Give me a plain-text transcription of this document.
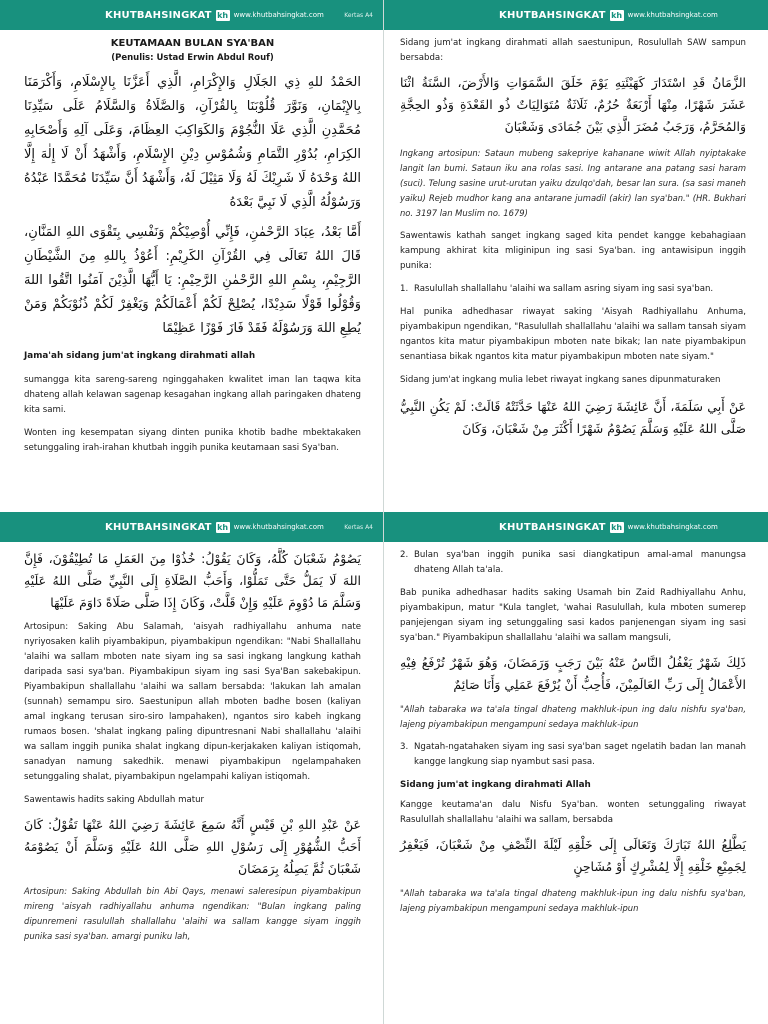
KHUTBAHSINGKAT kh www.khutbahsingkat.com	Kertas A4
KEUTAMAAN BULAN SYA'BAN
(Penulis: Ustad Erwin Abdul Rouf)
الحَمْدُ للهِ ذِي الجَلَالِ وَالإِكْرَامِ، الَّذِي أَعَزَّنَا بِالإِسْلَامِ، وَأَكْرَمَنَا بِالإِيْمَانِ، وَنَوَّرَ قُلُوْبَنَا بِالقُرْآنِ، وَالصَّلَاةُ وَالسَّلَامُ عَلَى سَيِّدِنَا مُحَمَّدِنِ الَّذِي عَلَا النُّجُوْمَ وَالكَوَاكِبَ العِظَامَ، وَعَلَى آلِهِ وَأَصْحَابِهِ الكِرَامِ، بُدُوْرِ التَّمَامِ وَشُمُوْسِ دِيْنِ الإِسْلَامِ، وَأَشْهَدُ أَنْ لَا إِلٰهَ إِلَّا اللهُ وَحْدَهُ لَا شَرِيْكَ لَهُ وَلَا مَثِيْلَ لَهُ، وَأَشْهَدُ أَنَّ سَيِّدَنَا مُحَمَّدًا عَبْدُهُ وَرَسُوْلُهُ الَّذِي لَا نَبِيَّ بَعْدَهُ
أَمَّا بَعْدُ، عِبَادَ الرَّحْمٰنِ، فَإِنِّي أُوْصِيْكُمْ وَنَفْسِي بِتَقْوَى اللهِ المَنَّانِ، قَالَ اللهُ تَعَالَى فِي القُرْآنِ الكَرِيْمِ: أَعُوْذُ بِاللهِ مِنَ الشَّيْطَانِ الرَّجِيْمِ، بِسْمِ اللهِ الرَّحْمٰنِ الرَّحِيْمِ: يَا أَيُّهَا الَّذِيْنَ آمَنُوا اتَّقُوا اللهَ وَقُوْلُوا قَوْلًا سَدِيْدًا، يُصْلِحْ لَكُمْ أَعْمَالَكُمْ وَيَغْفِرْ لَكُمْ ذُنُوْبَكُمْ وَمَنْ يُطِعِ اللهَ وَرَسُوْلَهُ فَقَدْ فَازَ فَوْزًا عَظِيْمًا
Jama'ah sidang jum'at ingkang dirahmati allah
sumangga kita sareng-sareng nginggahaken kwalitet iman lan taqwa kita dhateng allah kelawan sagenap kesagahan ingkang allah paringaken dhateng kita sami.
Wonten ing kesempatan siyang dinten punika khotib badhe mbektakaken setunggaling irah-irahan khutbah inggih punika keutamaan sasi Sya'ban.
KHUTBAHSINGKAT kh www.khutbahsingkat.com
Sidang jum'at ingkang dirahmati allah saestunipun, Rosulullah SAW sampun bersabda:
الزَّمَانُ قَدِ اسْتَدَارَ كَهَيْئَتِهِ يَوْمَ خَلَقَ السَّمَوَاتِ وَالأَرْضَ، السَّنَةُ اثْنَا عَشَرَ شَهْرًا، مِنْهَا أَرْبَعَةٌ حُرُمٌ، ثَلَاثَةٌ مُتَوَالِيَاتٌ ذُو القَعْدَةِ وَذُو الحِجَّةِ وَالمُحَرَّمُ، وَرَجَبُ مُضَرَ الَّذِي بَيْنَ جُمَادَى وَشَعْبَانَ
Ingkang artosipun: Sataun mubeng sakepriye kahanane wiwit Allah nyiptakake langit lan bumi. Sataun iku ana rolas sasi. Ing antarane ana patang sasi haram (suci). Telung sasine urut-urutan yaiku dzulqo'dah, besar lan sura. (sa sasi maneh yaiku) Rejeb mudhor kang ana antarane jumadil (akir) lan sya'ban." (HR. Bukhari no. 3197 lan Muslim no. 1679)
Sawentawis kathah sanget ingkang saged kita pendet kangge kebahagiaan kampung akhirat kita mliginipun ing sasi Sya'ban. ing antawisipun inggih punika:
1. Rasulullah shallallahu 'alaihi wa sallam asring siyam ing sasi sya'ban.
Hal punika adhedhasar riwayat saking 'Aisyah Radhiyallahu Anhuma, piyambakipun ngendikan, "Rasulullah shallallahu 'alaihi wa sallam tansah siyam ngantos kita matur piyambakipun mboten nate bikak; lan nate piyambakipun senantiasa bikak ngantos kita matur piyambakipun mboten nate siyam."
Sidang jum'at ingkang mulia lebet riwayat ingkang sanes dipunmaturaken
عَنْ أَبِي سَلَمَةَ، أَنَّ عَائِشَةَ رَضِيَ اللهُ عَنْهَا حَدَّثَتْهُ قَالَتْ: لَمْ يَكُنِ النَّبِيُّ صَلَّى اللهُ عَلَيْهِ وَسَلَّمَ يَصُوْمُ شَهْرًا أَكْثَرَ مِنْ شَعْبَانَ، وَكَانَ
KHUTBAHSINGKAT kh www.khutbahsingkat.com	Kertas A4
يَصُوْمُ شَعْبَانَ كُلَّهُ، وَكَانَ يَقُوْلُ: خُذُوْا مِنَ العَمَلِ مَا تُطِيْقُوْنَ، فَإِنَّ اللهَ لَا يَمَلُّ حَتَّى تَمَلُّوْا، وَأَحَبُّ الصَّلَاةِ إِلَى النَّبِيِّ صَلَّى اللهُ عَلَيْهِ وَسَلَّمَ مَا دُوْوِمَ عَلَيْهِ وَإِنْ قَلَّتْ، وَكَانَ إِذَا صَلَّى صَلَاةً دَاوَمَ عَلَيْهَا
Artosipun: Saking Abu Salamah, 'aisyah radhiyallahu anhuma nate nyriyosaken kalih piyambakipun, piyambakipun ngendikan: "Nabi Shallallahu 'alaihi wa sallam mboten nate siyam ing sa sasi ingkang langkung kathah daripada sasi sya'ban. Piyambakipun siyam ing sasi Sya'Ban sakebakipun. Piyambakipun shallallahu 'alaihi wa sallam bersabda: 'lakukan lah amalan (sunnah) semampu siro. Saestunipun allah mboten badhe bosen (kaliyan amal ingkang terusan siro-siro lampahaken), ngantos siro kabeh ingkang rumaos bosen. 'shalat ingkang paling dipuntresnani Nabi shallallahu 'alaihi wa sallam inggih punika shalat ingkang dipun-kerjakaken kaliyan istiqomah, sanadyan namung sakedhik. menawi piyambakipun ngelampahaken setunggaling shalat, piyambakipun ngelampahi kaliyan istiqomah.
Sawentawis hadits saking Abdullah matur
عَنْ عَبْدِ اللهِ بْنِ قَيْسٍ أَنَّهُ سَمِعَ عَائِشَةَ رَضِيَ اللهُ عَنْهَا تَقُوْلُ: كَانَ أَحَبُّ الشُّهُوْرِ إِلَى رَسُوْلِ اللهِ صَلَّى اللهُ عَلَيْهِ وَسَلَّمَ أَنْ يَصُوْمَهُ شَعْبَانَ ثُمَّ يَصِلُهُ بِرَمَضَانَ
Artosipun: Saking Abdullah bin Abi Qays, menawi saleresipun piyambakipun mireng 'aisyah radhiyallahu anhuma ngendikan: "Bulan ingkang paling dipunremeni rasulullah shallallahu 'alaihi wa sallam kangge siyam inggih punika sasi sya'ban. amargi puniku lah,
KHUTBAHSINGKAT kh www.khutbahsingkat.com
2. Bulan sya'ban inggih punika sasi diangkatipun amal-amal manungsa dhateng Allah ta'ala.
Bab punika adhedhasar hadits saking Usamah bin Zaid Radhiyallahu Anhu, piyambakipun, matur "Kula tanglet, 'wahai Rasulullah, kula mboten sumerep panjejengan siyam ing setunggaling sasi kados panjenengan siyam ing sasi sya'ban." Piyambakipun shallallahu 'alaihi wa sallam mangsuli,
ذَلِكَ شَهْرٌ يَغْفُلُ النَّاسُ عَنْهُ بَيْنَ رَجَبٍ وَرَمَضَانَ، وَهُوَ شَهْرٌ تُرْفَعُ فِيْهِ الأَعْمَالُ إِلَى رَبِّ العَالَمِيْنَ، فَأُحِبُّ أَنْ يُرْفَعَ عَمَلِي وَأَنَا صَائِمٌ
"Allah tabaraka wa ta'ala tingal dhateng makhluk-ipun ing dalu nishfu sya'ban, lajeng piyambakipun mengampuni sedaya makhluk-ipun
3. Ngatah-ngatahaken siyam ing sasi sya'ban saget ngelatih badan lan manah kangge langkung siap nyambut sasi pasa.
Sidang jum'at ingkang dirahmati Allah
Kangge keutama'an dalu Nisfu Sya'ban. wonten setunggaling riwayat Rasulullah shallallahu 'alaihi wa sallam, bersabda
يَطَّلِعُ اللهُ تَبَارَكَ وَتَعَالَى إِلَى خَلْقِهِ لَيْلَةَ النِّصْفِ مِنْ شَعْبَانَ، فَيَغْفِرُ لِجَمِيْعِ خَلْقِهِ إِلَّا لِمُشْرِكٍ أَوْ مُشَاحِنٍ
"Allah tabaraka wa ta'ala tingal dhateng makhluk-ipun ing dalu nishfu sya'ban, lajeng piyambakipun mengampuni sedaya makhluk-ipun
